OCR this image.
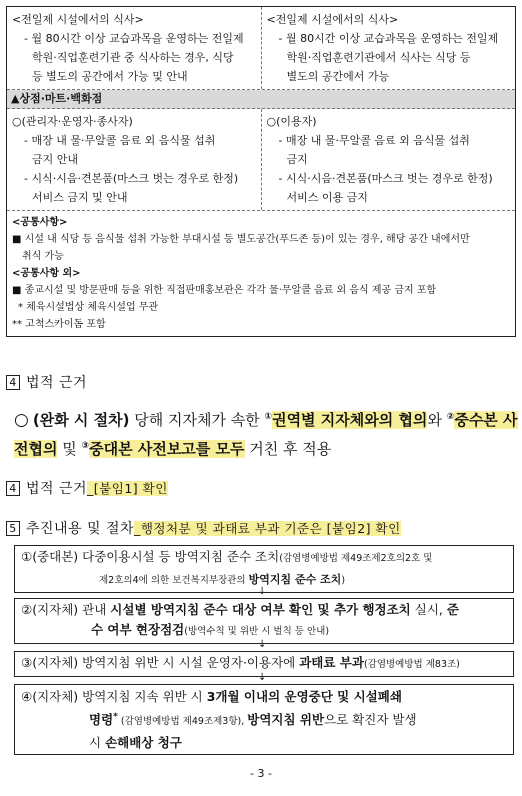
<전일제 시설에서의 식사>
- 월 80시간 이상 교습과목을 운영하는 전일제
학원·직업훈련기관 중 식사하는 경우, 식당
등 별도의 공간에서 가능 및 안내
<전일제 시설에서의 식사>
- 월 80시간 이상 교습과목을 운영하는 전일제
학원·직업훈련기관에서 식사는 식당 등
별도의 공간에서 가능
▲상점·마트·백화점
○(관리자·운영자·종사자)
- 매장 내 물·무알콜 음료 외 음식물 섭취
금지 안내
- 시식·시음·견본품(마스크 벗는 경우로 한정)
서비스 금지 및 안내
○(이용자)
- 매장 내 물·무알콜 음료 외 음식물 섭취
금지
- 시식·시음·견본품(마스크 벗는 경우로 한정)
서비스 이용 금지
<공통사항>
■ 시설 내 식당 등 음식물 섭취 가능한 부대시설 등 별도공간(푸드존 등)이 있는 경우, 해당 공간 내에서만
취식 가능
<공통사항 외>
■ 종교시설 및 방문판매 등을 위한 직접판매홍보관은 각각 물·무알콜 음료 외 음식 제공 금지 포함
* 체육시설법상 체육시설업 무관
** 고척스카이돔 포함
4 법적 근거
○ (완화 시 절차) 당해 지자체가 속한 ①권역별 지자체와의 협의와 ②중수본 사전협의 및 ③중대본 사전보고를 모두 거친 후 적용
4 법적 근거_[붙임1] 확인
5 추진내용 및 절차_행정처분 및 과태료 부과 기준은 [붙임2] 확인
①(중대본) 다중이용시설 등 방역지침 준수 조치(감염병예방법 제49조제2호의2호 및
제2호의4에 의한 보건복지부장관의 방역지침 준수 조치)
↓
②(지자체) 관내 시설별 방역지침 준수 대상 여부 확인 및 추가 행정조치 실시, 준
수 여부 현장점검(방역수칙 및 위반 시 벌칙 등 안내)
↓
③(지자체) 방역지침 위반 시 시설 운영자·이용자에 과태료 부과(감염병예방법 제83조)
↓
④(지자체) 방역지침 지속 위반 시 3개월 이내의 운영중단 및 시설폐쇄
명령* (감염병예방법 제49조제3항), 방역지침 위반으로 확진자 발생
시 손해배상 청구
- 3 -
